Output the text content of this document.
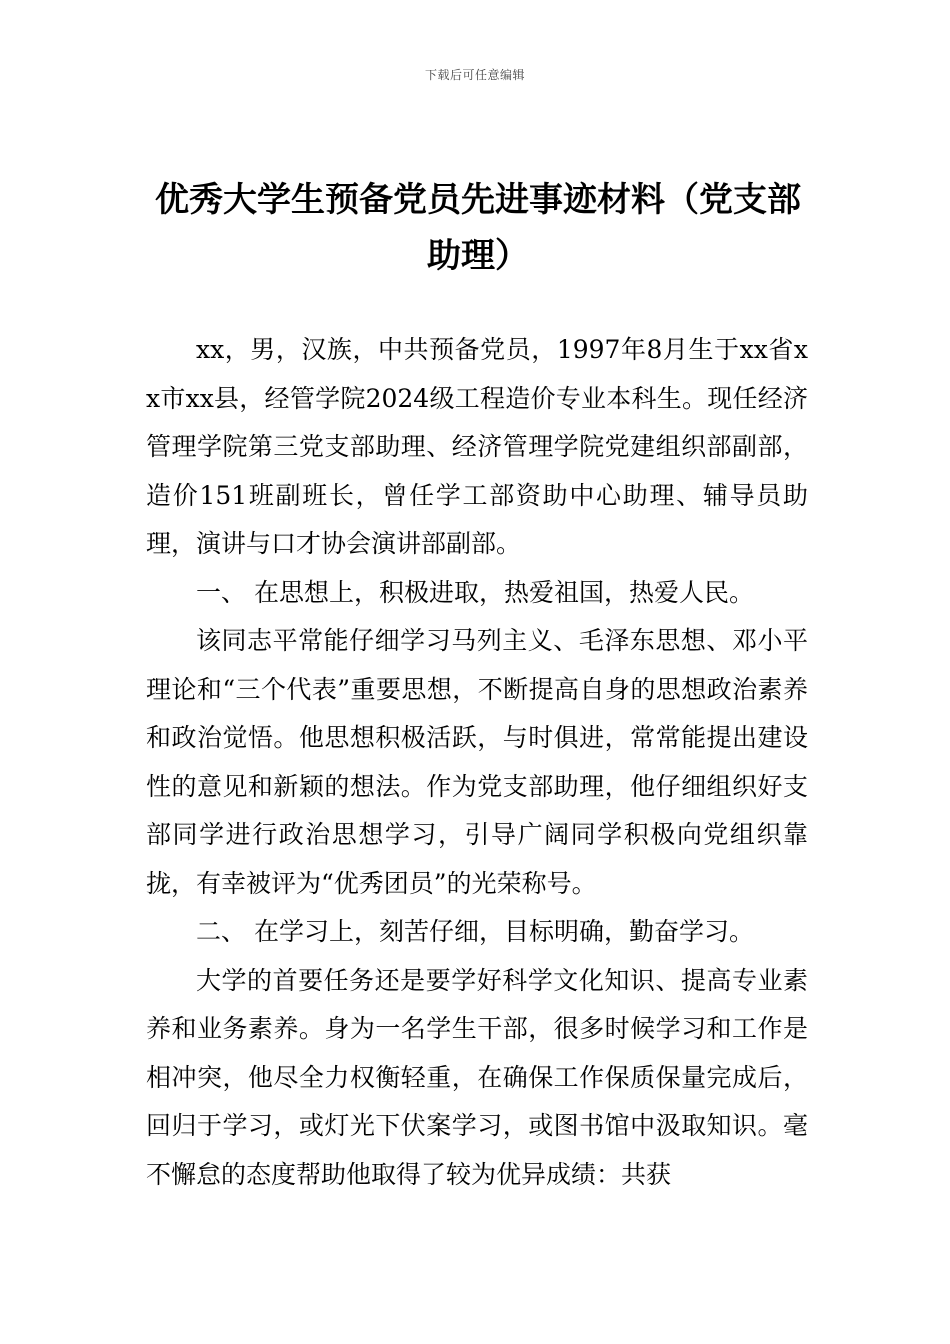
下载后可任意编辑
优秀大学生预备党员先进事迹材料（党支部助理）

xx，男，汉族，中共预备党员，1997年8月生于xx省xx市xx县，经管学院2024级工程造价专业本科生。现任经济管理学院第三党支部助理、经济管理学院党建组织部副部，造价151班副班长，曾任学工部资助中心助理、辅导员助理，演讲与口才协会演讲部副部。

一、 在思想上，积极进取，热爱祖国，热爱人民。

该同志平常能仔细学习马列主义、毛泽东思想、邓小平理论和“三个代表”重要思想，不断提高自身的思想政治素养和政治觉悟。他思想积极活跃，与时俱进，常常能提出建设性的意见和新颖的想法。作为党支部助理，他仔细组织好支部同学进行政治思想学习，引导广阔同学积极向党组织靠拢，有幸被评为“优秀团员”的光荣称号。

二、 在学习上，刻苦仔细，目标明确，勤奋学习。

大学的首要任务还是要学好科学文化知识、提高专业素养和业务素养。身为一名学生干部，很多时候学习和工作是相冲突，他尽全力权衡轻重，在确保工作保质保量完成后，回归于学习，或灯光下伏案学习，或图书馆中汲取知识。毫不懈怠的态度帮助他取得了较为优异成绩：共获
